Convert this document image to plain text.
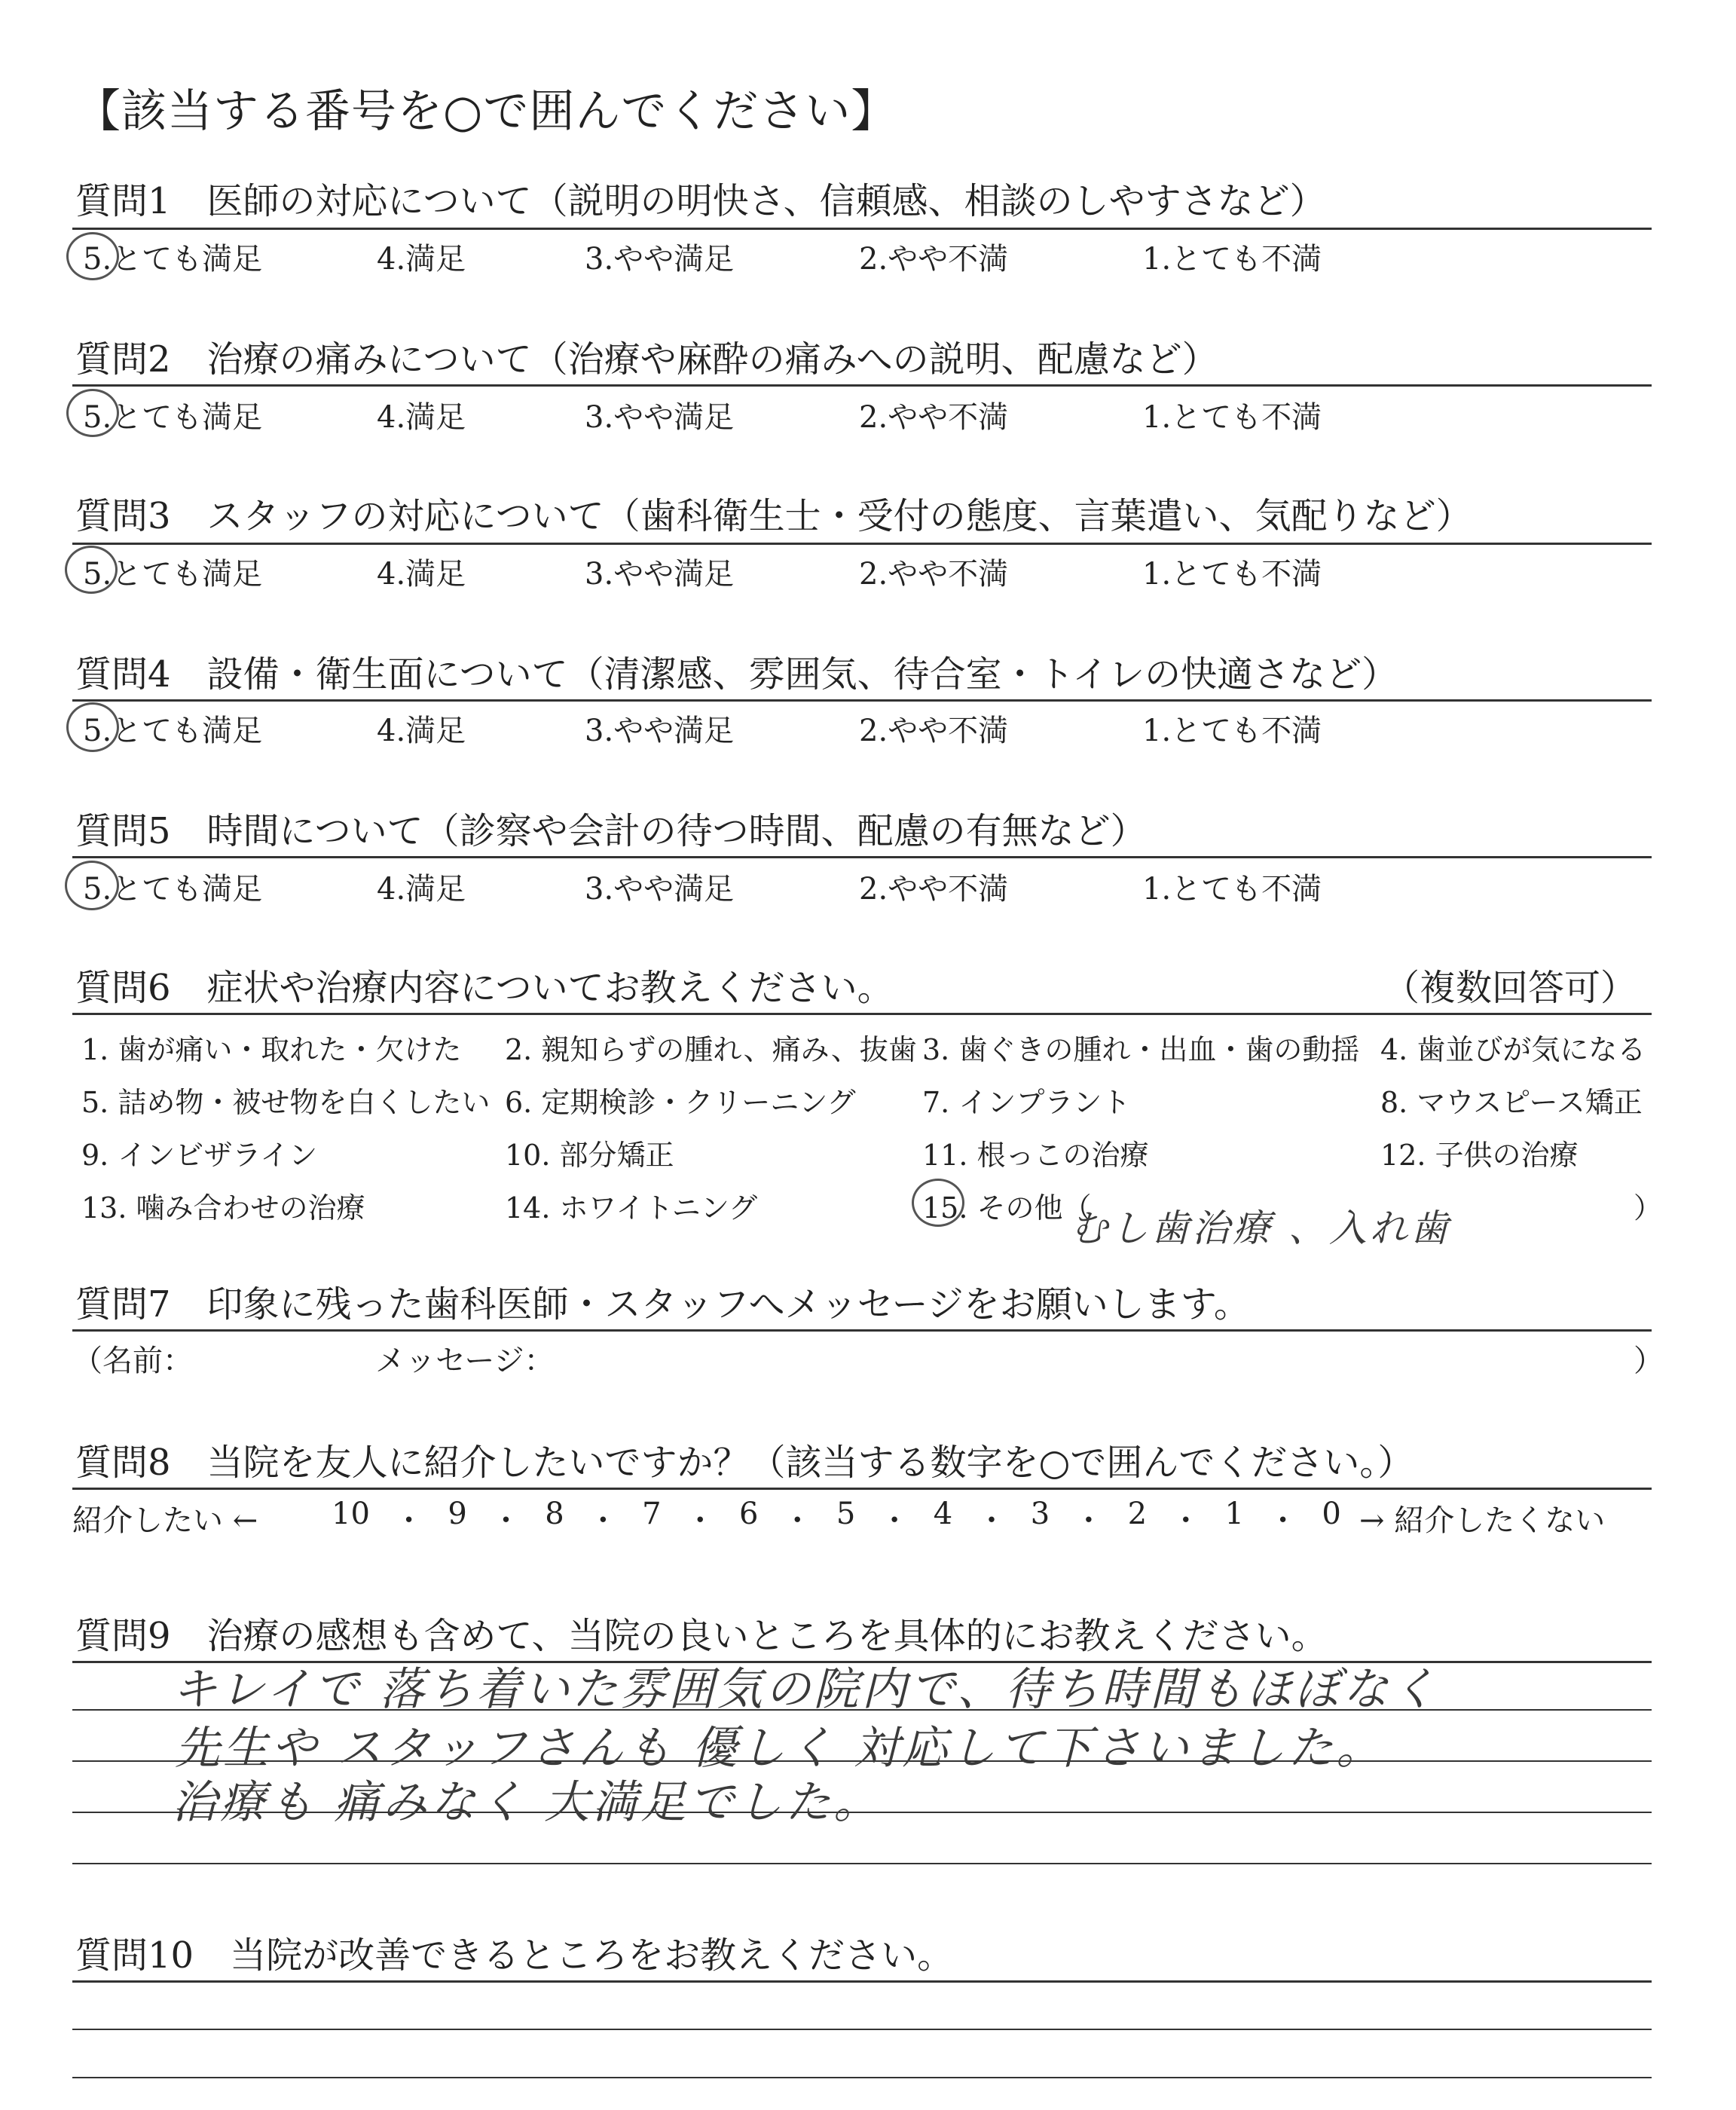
【該当する番号を○で囲んでください】
質問1　医師の対応について（説明の明快さ、信頼感、相談のしやすさなど）
5.とても満足	4.満足	3.やや満足	2.やや不満	1.とても不満
質問2　治療の痛みについて（治療や麻酔の痛みへの説明、配慮など）
5.とても満足	4.満足	3.やや満足	2.やや不満	1.とても不満
質問3　スタッフの対応について（歯科衛生士・受付の態度、言葉遣い、気配りなど）
5.とても満足	4.満足	3.やや満足	2.やや不満	1.とても不満
質問4　設備・衛生面について（清潔感、雰囲気、待合室・トイレの快適さなど）
5.とても満足	4.満足	3.やや満足	2.やや不満	1.とても不満
質問5　時間について（診察や会計の待つ時間、配慮の有無など）
5.とても満足	4.満足	3.やや満足	2.やや不満	1.とても不満
質問6　症状や治療内容についてお教えください。	（複数回答可）
1. 歯が痛い・取れた・欠けた 2. 親知らずの腫れ、痛み、抜歯 3. 歯ぐきの腫れ・出血・歯の動揺 4. 歯並びが気になる
5. 詰め物・被せ物を白くしたい 6. 定期検診・クリーニング 7. インプラント	8. マウスピース矯正
9. インビザライン	10. 部分矯正	11. 根っこの治療	12. 子供の治療
13. 噛み合わせの治療	14. ホワイトニング	15. その他（
むし歯治療 、入れ歯	）
質問7　印象に残った歯科医師・スタッフへメッセージをお願いします。
（名前：	メッセージ：	）
質問8　当院を友人に紹介したいですか？（該当する数字を○で囲んでください。）
紹介したい ← 10 ・ 9 ・ 8 ・ 7 ・ 6 ・ 5 ・ 4 ・ 3 ・ 2 ・ 1 ・ 0 → 紹介したくない
質問9　治療の感想も含めて、当院の良いところを具体的にお教えください。
キレイで 落ち着いた雰囲気の院内で、待ち時間もほぼなく
先生や スタッフさんも 優しく 対応して下さいました。
治療も 痛みなく 大満足でした。
質問10　当院が改善できるところをお教えください。
